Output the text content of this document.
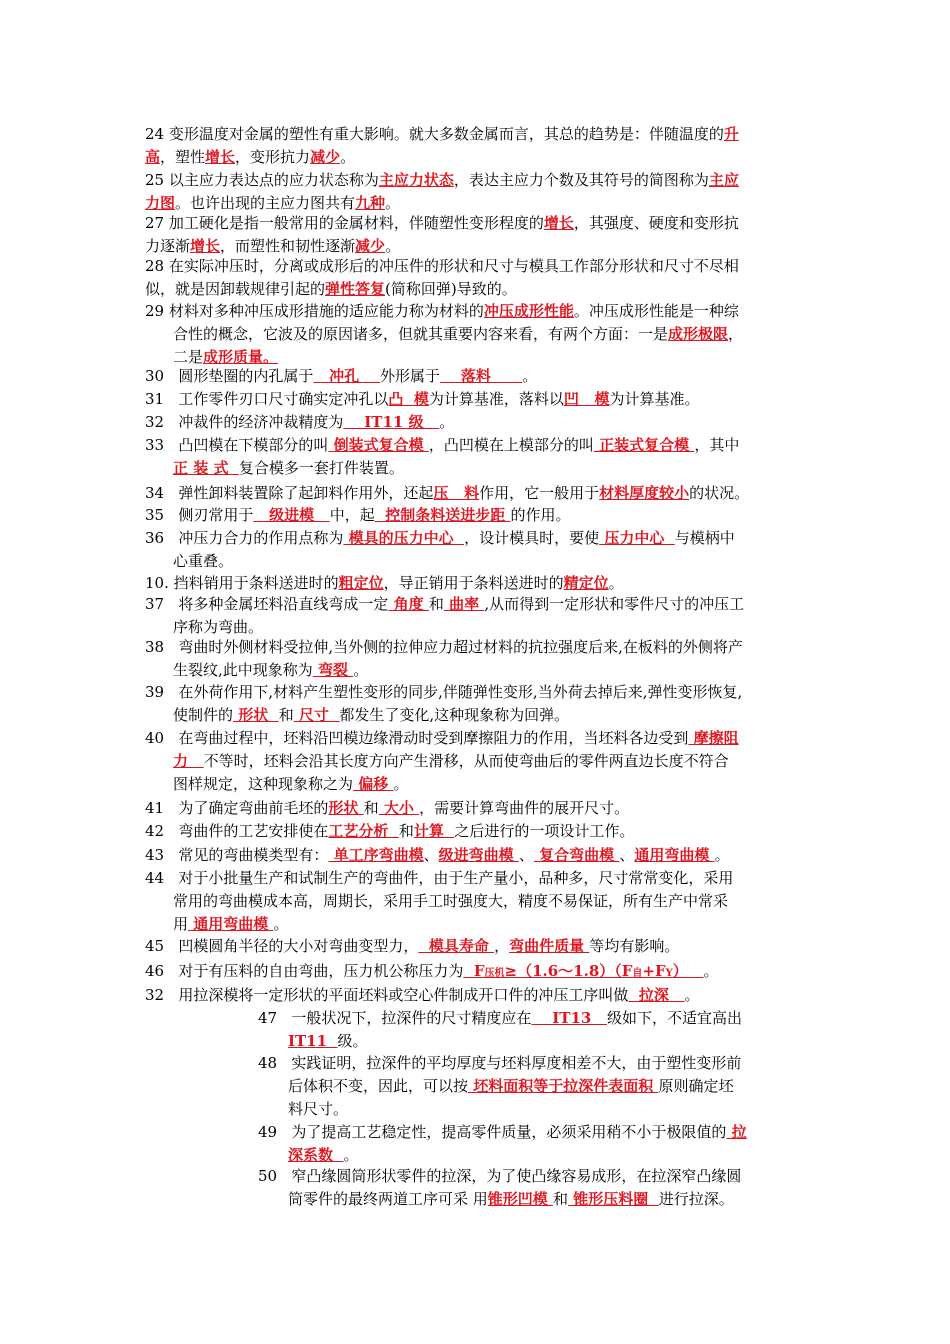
24 变形温度对金属的塑性有重大影响。就大多数金属而言，其总的趋势是：伴随温度的升
高，塑性增长，变形抗力减少。
25 以主应力表达点的应力状态称为主应力状态，表达主应力个数及其符号的简图称为主应
力图。也许出现的主应力图共有九种。
27 加工硬化是指一般常用的金属材料，伴随塑性变形程度的增长，其强度、硬度和变形抗
力逐渐增长，而塑性和韧性逐渐减少。
28 在实际冲压时，分离或成形后的冲压件的形状和尺寸与模具工作部分形状和尺寸不尽相
似，就是因卸载规律引起的弹性答复(简称回弹)导致的。
29 材料对多种冲压成形措施的适应能力称为材料的冲压成形性能。冲压成形性能是一种综
合性的概念，它波及的原因诸多，但就其重要内容来看，有两个方面：一是成形极限，
二是成形质量。
30   圆形垫圈的内孔属于   冲孔    外形属于    落料      。
31   工作零件刃口尺寸确实定冲孔以凸  模为计算基准，落料以凹   模为计算基准。
32   冲裁件的经济冲裁精度为    IT11 级   。
33   凸凹模在下模部分的叫 倒装式复合模 ，凸凹模在上模部分的叫 正装式复合模 ，其中
正 装 式  复合模多一套打件装置。
34   弹性卸料装置除了起卸料作用外，还起压   料作用，它一般用于材料厚度较小的状况。
35   侧刃常用于   级进模   中，起  控制条料送进步距 的作用。
36   冲压力合力的作用点称为 模具的压力中心  ，设计模具时，要使 压力中心  与模柄中
心重叠。
10. 挡料销用于条料送进时的粗定位，导正销用于条料送进时的精定位。
37   将多种金属坯料沿直线弯成一定 角度 和 曲率 ,从而得到一定形状和零件尺寸的冲压工
序称为弯曲。
38   弯曲时外侧材料受拉伸,当外侧的拉伸应力超过材料的抗拉强度后来,在板料的外侧将产
生裂纹,此中现象称为 弯裂 。
39   在外荷作用下,材料产生塑性变形的同步,伴随弹性变形,当外荷去掉后来,弹性变形恢复,
使制件的 形状  和 尺寸  都发生了变化,这种现象称为回弹。
40   在弯曲过程中，坯料沿凹模边缘滑动时受到摩擦阻力的作用，当坯料各边受到 摩擦阻
力   不等时，坯料会沿其长度方向产生滑移，从而使弯曲后的零件两直边长度不符合
图样规定，这种现象称之为 偏移 。
41   为了确定弯曲前毛坯的形状 和 大小 ，需要计算弯曲件的展开尺寸。
42   弯曲件的工艺安排使在工艺分析  和计算  之后进行的一项设计工作。
43   常见的弯曲模类型有： 单工序弯曲模、级进弯曲模 、 复合弯曲模 、通用弯曲模 。
44   对于小批量生产和试制生产的弯曲件，由于生产量小，品种多，尺寸常常变化，采用
常用的弯曲模成本高，周期长，采用手工时强度大，精度不易保证，所有生产中常采
用 通用弯曲模 。
45   凹模圆角半径的大小对弯曲变型力，  模具寿命 ，弯曲件质量 等均有影响。
46   对于有压料的自由弯曲，压力机公称压力为  F压机≥（1.6～1.8）（F自+FY）   。
32   用拉深模将一定形状的平面坯料或空心件制成开口件的冲压工序叫做  拉深   。
47   一般状况下，拉深件的尺寸精度应在    IT13   级如下，不适宜高出
IT11  级。
48   实践证明，拉深件的平均厚度与坯料厚度相差不大，由于塑性变形前
后体积不变，因此，可以按 坯料面积等于拉深件表面积 原则确定坯
料尺寸。
49   为了提高工艺稳定性，提高零件质量，必须采用稍不小于极限值的 拉
深系数  。
50   窄凸缘圆筒形状零件的拉深，为了使凸缘容易成形，在拉深窄凸缘圆
筒零件的最终两道工序可采 用锥形凹模 和 锥形压料圈  进行拉深。
